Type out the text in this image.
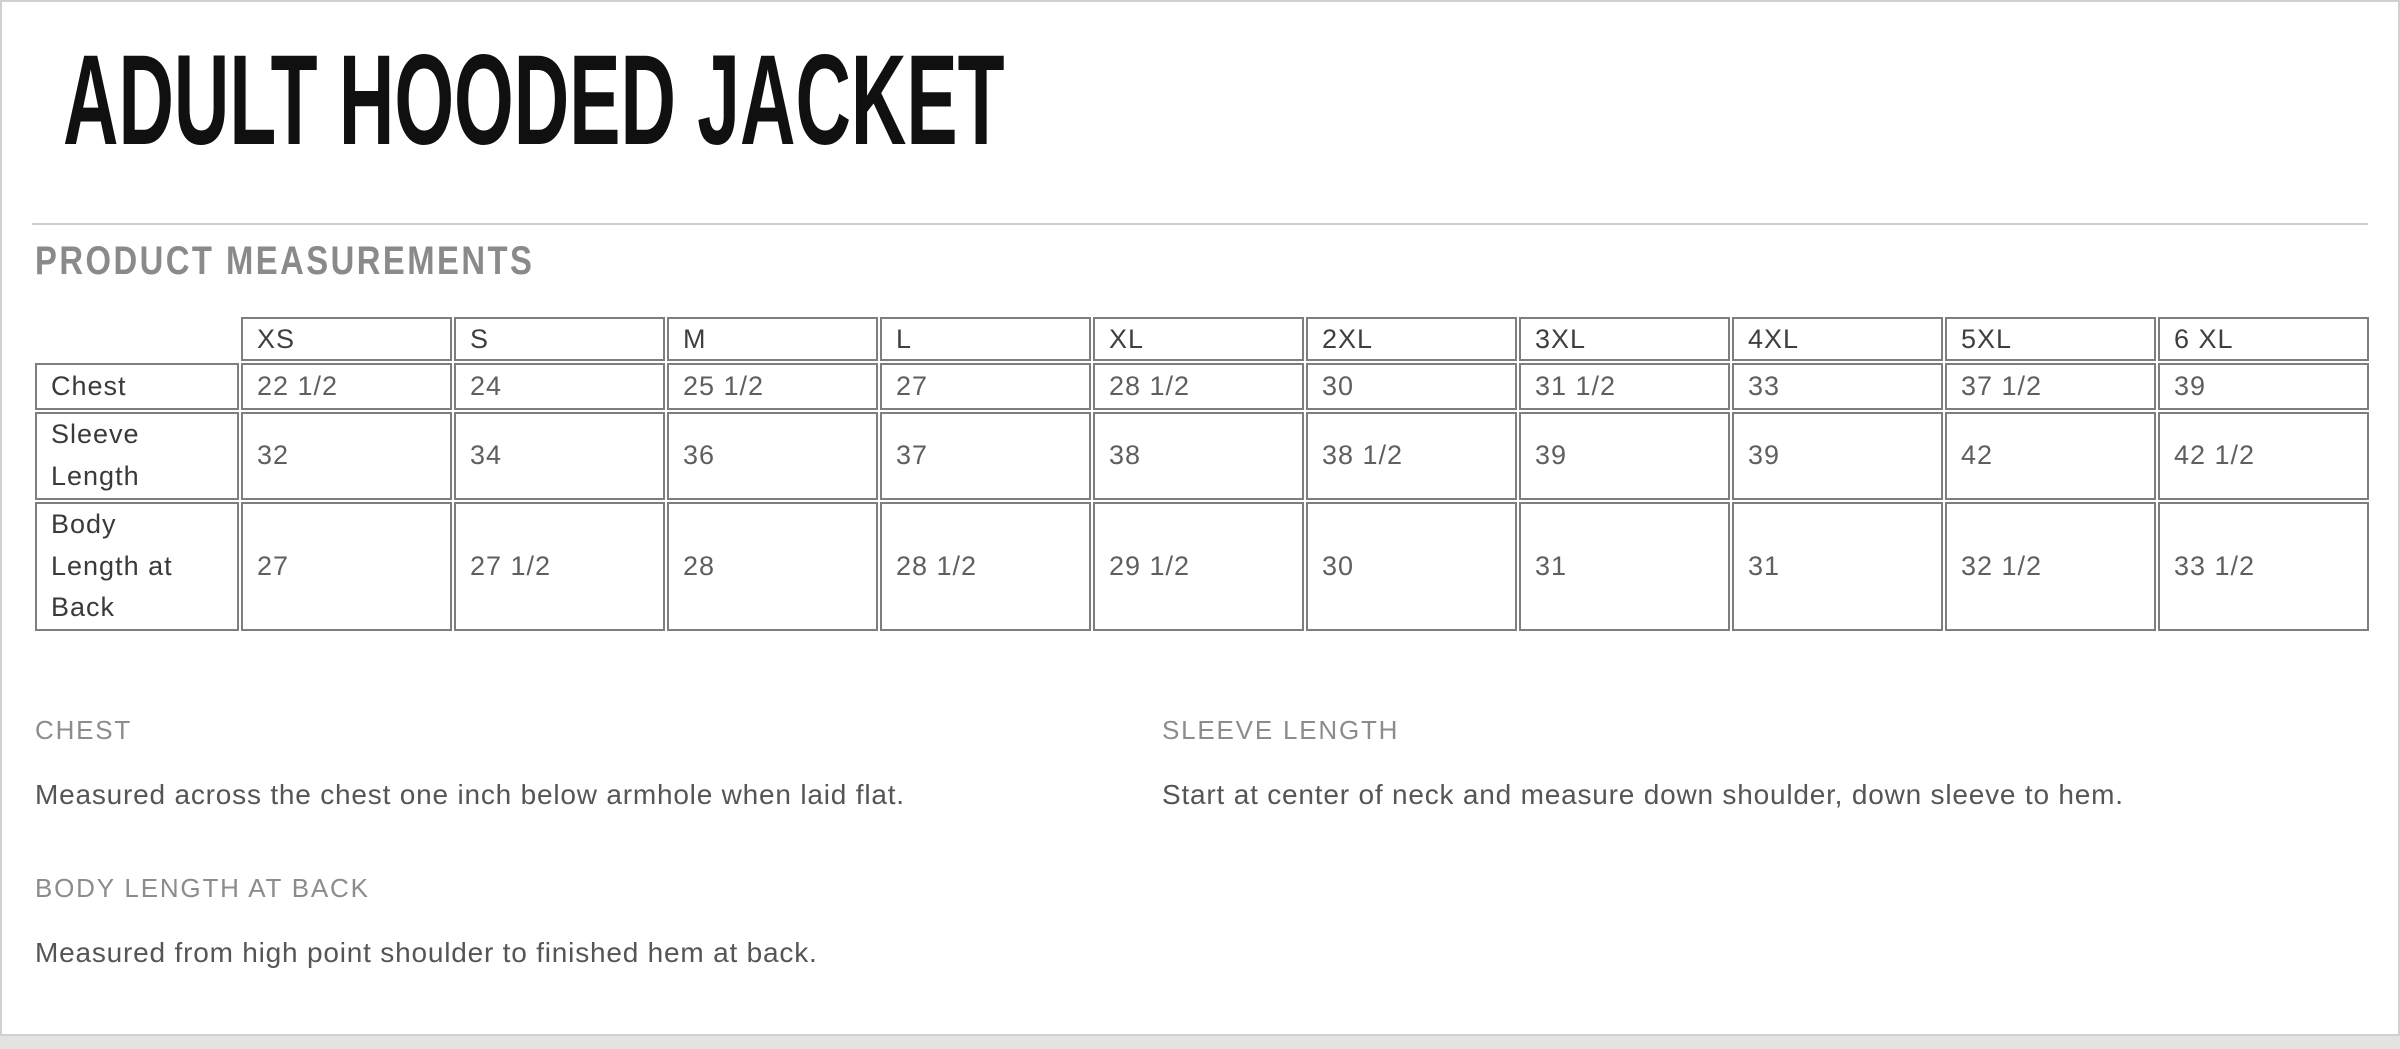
ADULT HOODED JACKET
PRODUCT MEASUREMENTS
	XS	S	M	L	XL	2XL	3XL	4XL	5XL	6 XL
Chest	22 1/2	24	25 1/2	27	28 1/2	30	31 1/2	33	37 1/2	39
Sleeve Length	32	34	36	37	38	38 1/2	39	39	42	42 1/2
Body Length at Back	27	27 1/2	28	28 1/2	29 1/2	30	31	31	32 1/2	33 1/2
CHEST

Measured across the chest one inch below armhole when laid flat.

SLEEVE LENGTH

Start at center of neck and measure down shoulder, down sleeve to hem.

BODY LENGTH AT BACK

Measured from high point shoulder to finished hem at back.
